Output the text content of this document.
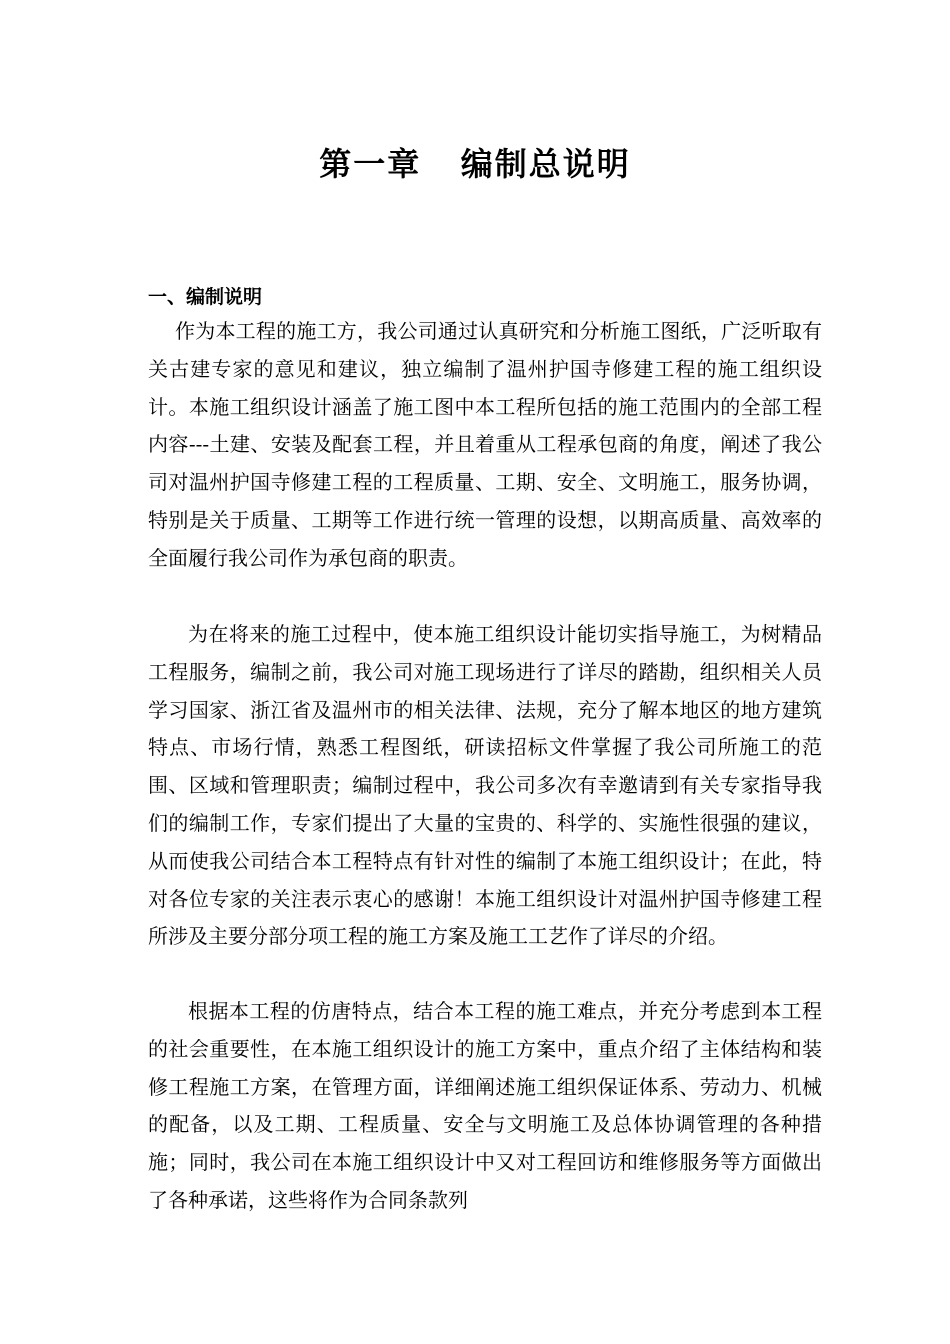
第一章   编制总说明
一、编制说明

作为本工程的施工方，我公司通过认真研究和分析施工图纸，广泛听取有关古建专家的意见和建议，独立编制了温州护国寺修建工程的施工组织设计。本施工组织设计涵盖了施工图中本工程所包括的施工范围内的全部工程内容---土建、安装及配套工程，并且着重从工程承包商的角度，阐述了我公司对温州护国寺修建工程的工程质量、工期、安全、文明施工，服务协调，特别是关于质量、工期等工作进行统一管理的设想，以期高质量、高效率的全面履行我公司作为承包商的职责。

为在将来的施工过程中，使本施工组织设计能切实指导施工，为树精品工程服务，编制之前，我公司对施工现场进行了详尽的踏勘，组织相关人员学习国家、浙江省及温州市的相关法律、法规，充分了解本地区的地方建筑特点、市场行情，熟悉工程图纸，研读招标文件掌握了我公司所施工的范围、区域和管理职责；编制过程中，我公司多次有幸邀请到有关专家指导我们的编制工作，专家们提出了大量的宝贵的、科学的、实施性很强的建议，从而使我公司结合本工程特点有针对性的编制了本施工组织设计；在此，特对各位专家的关注表示衷心的感谢！本施工组织设计对温州护国寺修建工程所涉及主要分部分项工程的施工方案及施工工艺作了详尽的介绍。

根据本工程的仿唐特点，结合本工程的施工难点，并充分考虑到本工程的社会重要性，在本施工组织设计的施工方案中，重点介绍了主体结构和装修工程施工方案，在管理方面，详细阐述施工组织保证体系、劳动力、机械的配备，以及工期、工程质量、安全与文明施工及总体协调管理的各种措施；同时，我公司在本施工组织设计中又对工程回访和维修服务等方面做出了各种承诺，这些将作为合同条款列
